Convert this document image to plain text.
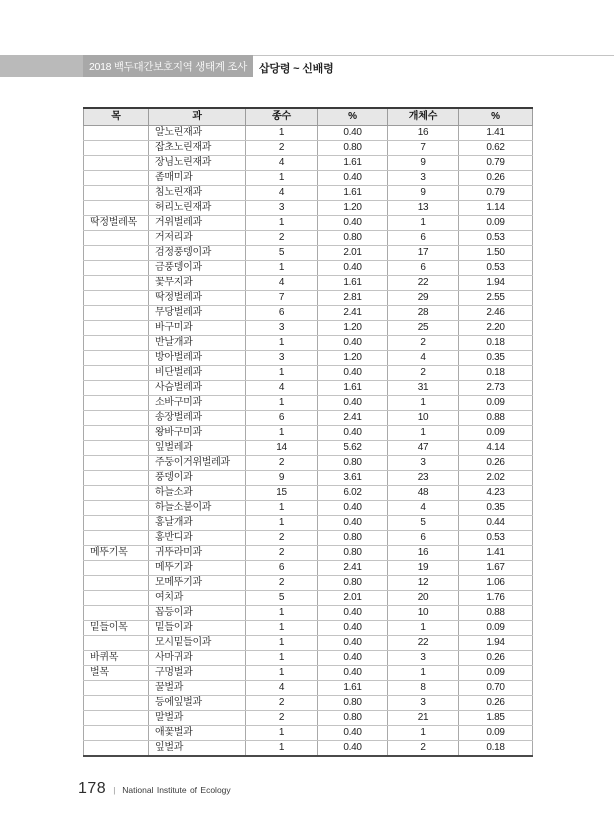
2018 백두대간보호지역 생태계 조사 삽당령 ~ 신배령
목	과	종수	%	개체수	%
	알노린재과	1	0.40	16	1.41
	잡초노린재과	2	0.80	7	0.62
	장님노린재과	4	1.61	9	0.79
	좀매미과	1	0.40	3	0.26
	침노린재과	4	1.61	9	0.79
	허리노린재과	3	1.20	13	1.14
딱정벌레목	거위벌레과	1	0.40	1	0.09
	거저리과	2	0.80	6	0.53
	검정풍뎅이과	5	2.01	17	1.50
	금풍뎅이과	1	0.40	6	0.53
	꽃무지과	4	1.61	22	1.94
	딱정벌레과	7	2.81	29	2.55
	무당벌레과	6	2.41	28	2.46
	바구미과	3	1.20	25	2.20
	반날개과	1	0.40	2	0.18
	방아벌레과	3	1.20	4	0.35
	비단벌레과	1	0.40	2	0.18
	사슴벌레과	4	1.61	31	2.73
	소바구미과	1	0.40	1	0.09
	송장벌레과	6	2.41	10	0.88
	왕바구미과	1	0.40	1	0.09
	잎벌레과	14	5.62	47	4.14
	주둥이거위벌레과	2	0.80	3	0.26
	풍뎅이과	9	3.61	23	2.02
	하늘소과	15	6.02	48	4.23
	하늘소붙이과	1	0.40	4	0.35
	홍날개과	1	0.40	5	0.44
	홍반디과	2	0.80	6	0.53
메뚜기목	귀뚜라미과	2	0.80	16	1.41
	메뚜기과	6	2.41	19	1.67
	모메뚜기과	2	0.80	12	1.06
	여치과	5	2.01	20	1.76
	꼽등이과	1	0.40	10	0.88
밑들이목	밑들이과	1	0.40	1	0.09
	모시밑들이과	1	0.40	22	1.94
바퀴목	사마귀과	1	0.40	3	0.26
벌목	구멍벌과	1	0.40	1	0.09
	꿀벌과	4	1.61	8	0.70
	등에잎벌과	2	0.80	3	0.26
	말벌과	2	0.80	21	1.85
	애꽃벌과	1	0.40	1	0.09
	잎벌과	1	0.40	2	0.18
178 | National Institute of Ecology
